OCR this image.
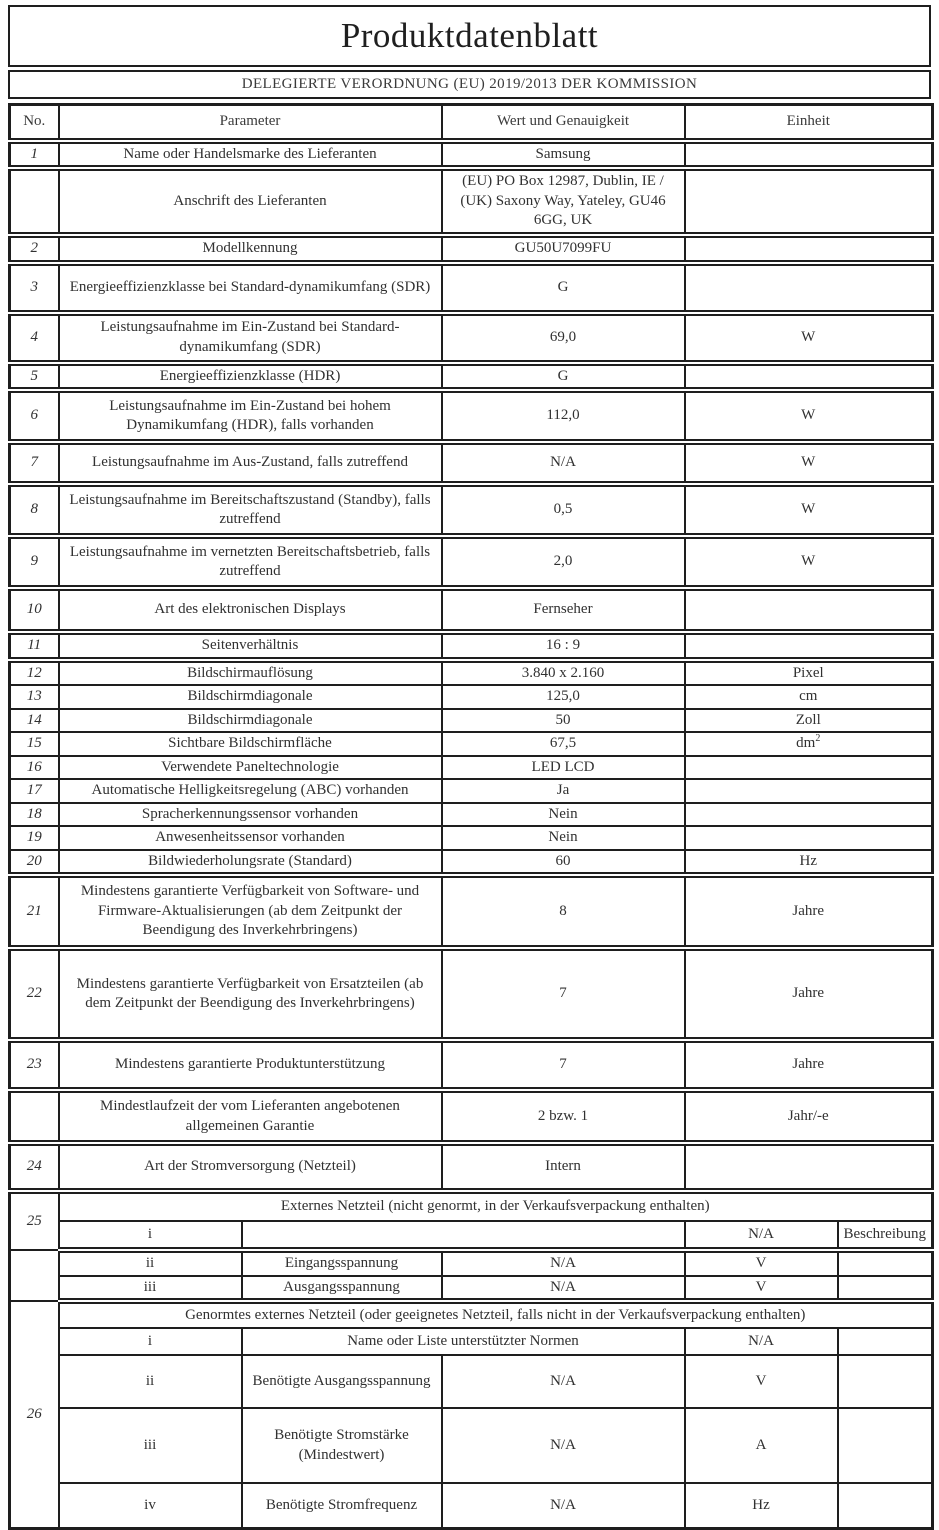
Produktdatenblatt
DELEGIERTE VERORDNUNG (EU) 2019/2013 DER KOMMISSION
No.	Parameter		Wert und Genauigkeit	Einheit	
1	Name oder Handelsmarke des Lieferanten		Samsung		
	Anschrift des Lieferanten		(EU) PO Box 12987, Dublin, IE / (UK) Saxony Way, Yateley, GU46 6GG, UK		
2	Modellkennung		GU50U7099FU		
3	Energieeffizienzklasse bei Standard-dynamikumfang (SDR)		G		
4	Leistungsaufnahme im Ein-Zustand bei Standard-dynamikumfang (SDR)		69,0	W	
5	Energieeffizienzklasse (HDR)		G		
6	Leistungsaufnahme im Ein-Zustand bei hohem Dynamikumfang (HDR), falls vorhanden		112,0	W	
7	Leistungsaufnahme im Aus-Zustand, falls zutreffend		N/A	W	
8	Leistungsaufnahme im Bereitschaftszustand (Standby), falls zutreffend		0,5	W	
9	Leistungsaufnahme im vernetzten Bereitschaftsbetrieb, falls zutreffend		2,0	W	
10	Art des elektronischen Displays		Fernseher		
11	Seitenverhältnis		16 : 9		
12	Bildschirmauflösung		3.840 x 2.160	Pixel	
13	Bildschirmdiagonale		125,0	cm	
14	Bildschirmdiagonale		50	Zoll	
15	Sichtbare Bildschirmfläche		67,5	$dm^2$
16	Verwendete Paneltechnologie		LED LCD		
17	Automatische Helligkeitsregelung (ABC) vorhanden		Ja		
18	Spracherkennungssensor vorhanden		Nein		
19	Anwesenheitssensor vorhanden		Nein		
20	Bildwiederholungsrate (Standard)		60	Hz	
21	Mindestens garantierte Verfügbarkeit von Software- und Firmware-Aktualisierungen (ab dem Zeitpunkt der Beendigung des Inverkehrbringens)		8	Jahre	
22	Mindestens garantierte Verfügbarkeit von Ersatzteilen (ab dem Zeitpunkt der Beendigung des Inverkehrbringens)		7	Jahre	
23	Mindestens garantierte Produktunterstützung		7	Jahre	
	Mindestlaufzeit der vom Lieferanten angebotenen allgemeinen Garantie		2 bzw. 1	Jahr/-e	
24	Art der Stromversorgung (Netzteil)		Intern		
25	Externes Netzteil (nicht genormt, in der Verkaufsverpackung enthalten)				
	i			N/A	Beschreibung
	ii	Eingangsspannung	N/A	V	
	iii	Ausgangsspannung	N/A	V	
26	Genormtes externes Netzteil (oder geeignetes Netzteil, falls nicht in der Verkaufsverpackung enthalten)				
	i	Name oder Liste unterstützter Normen		N/A	
	ii	Benötigte Ausgangsspannung	N/A	V	
	iii	Benötigte Stromstärke (Mindestwert)	N/A	A	
	iv	Benötigte Stromfrequenz	N/A	Hz	
